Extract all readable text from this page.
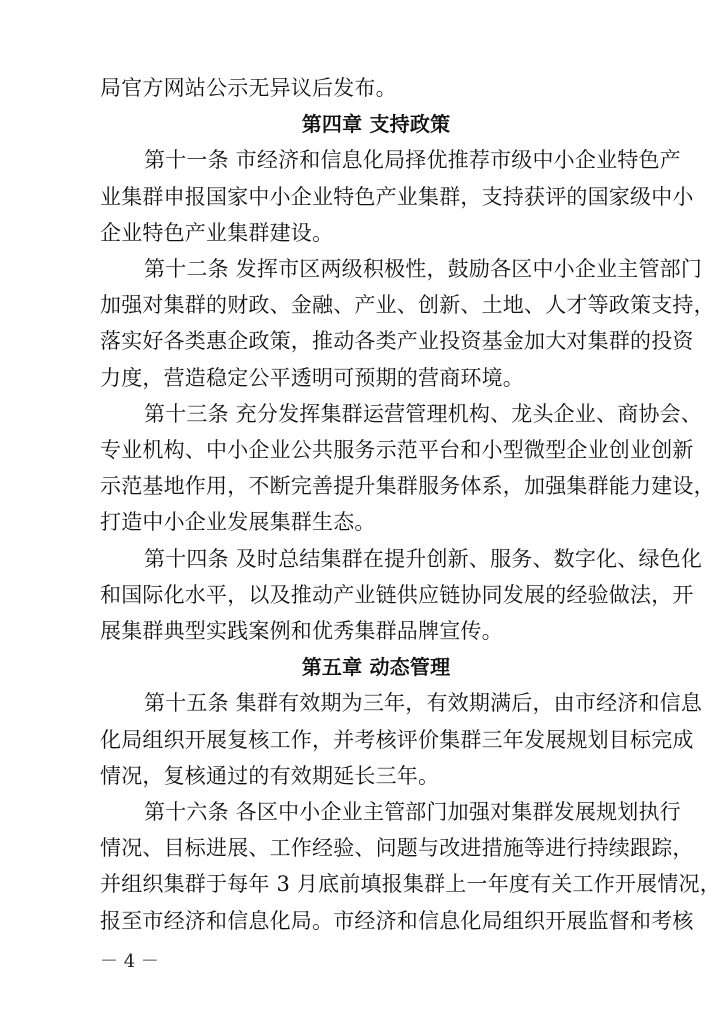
局官方网站公示无异议后发布。
第四章 支持政策
第十一条 市经济和信息化局择优推荐市级中小企业特色产
业集群申报国家中小企业特色产业集群，支持获评的国家级中小
企业特色产业集群建设。
第十二条 发挥市区两级积极性，鼓励各区中小企业主管部门
加强对集群的财政、金融、产业、创新、土地、人才等政策支持，
落实好各类惠企政策，推动各类产业投资基金加大对集群的投资
力度，营造稳定公平透明可预期的营商环境。
第十三条 充分发挥集群运营管理机构、龙头企业、商协会、
专业机构、中小企业公共服务示范平台和小型微型企业创业创新
示范基地作用，不断完善提升集群服务体系，加强集群能力建设，
打造中小企业发展集群生态。
第十四条 及时总结集群在提升创新、服务、数字化、绿色化
和国际化水平，以及推动产业链供应链协同发展的经验做法，开
展集群典型实践案例和优秀集群品牌宣传。
第五章 动态管理
第十五条 集群有效期为三年，有效期满后，由市经济和信息
化局组织开展复核工作，并考核评价集群三年发展规划目标完成
情况，复核通过的有效期延长三年。
第十六条 各区中小企业主管部门加强对集群发展规划执行
情况、目标进展、工作经验、问题与改进措施等进行持续跟踪，
并组织集群于每年 3 月底前填报集群上一年度有关工作开展情况，
报至市经济和信息化局。市经济和信息化局组织开展监督和考核
－ 4 －
